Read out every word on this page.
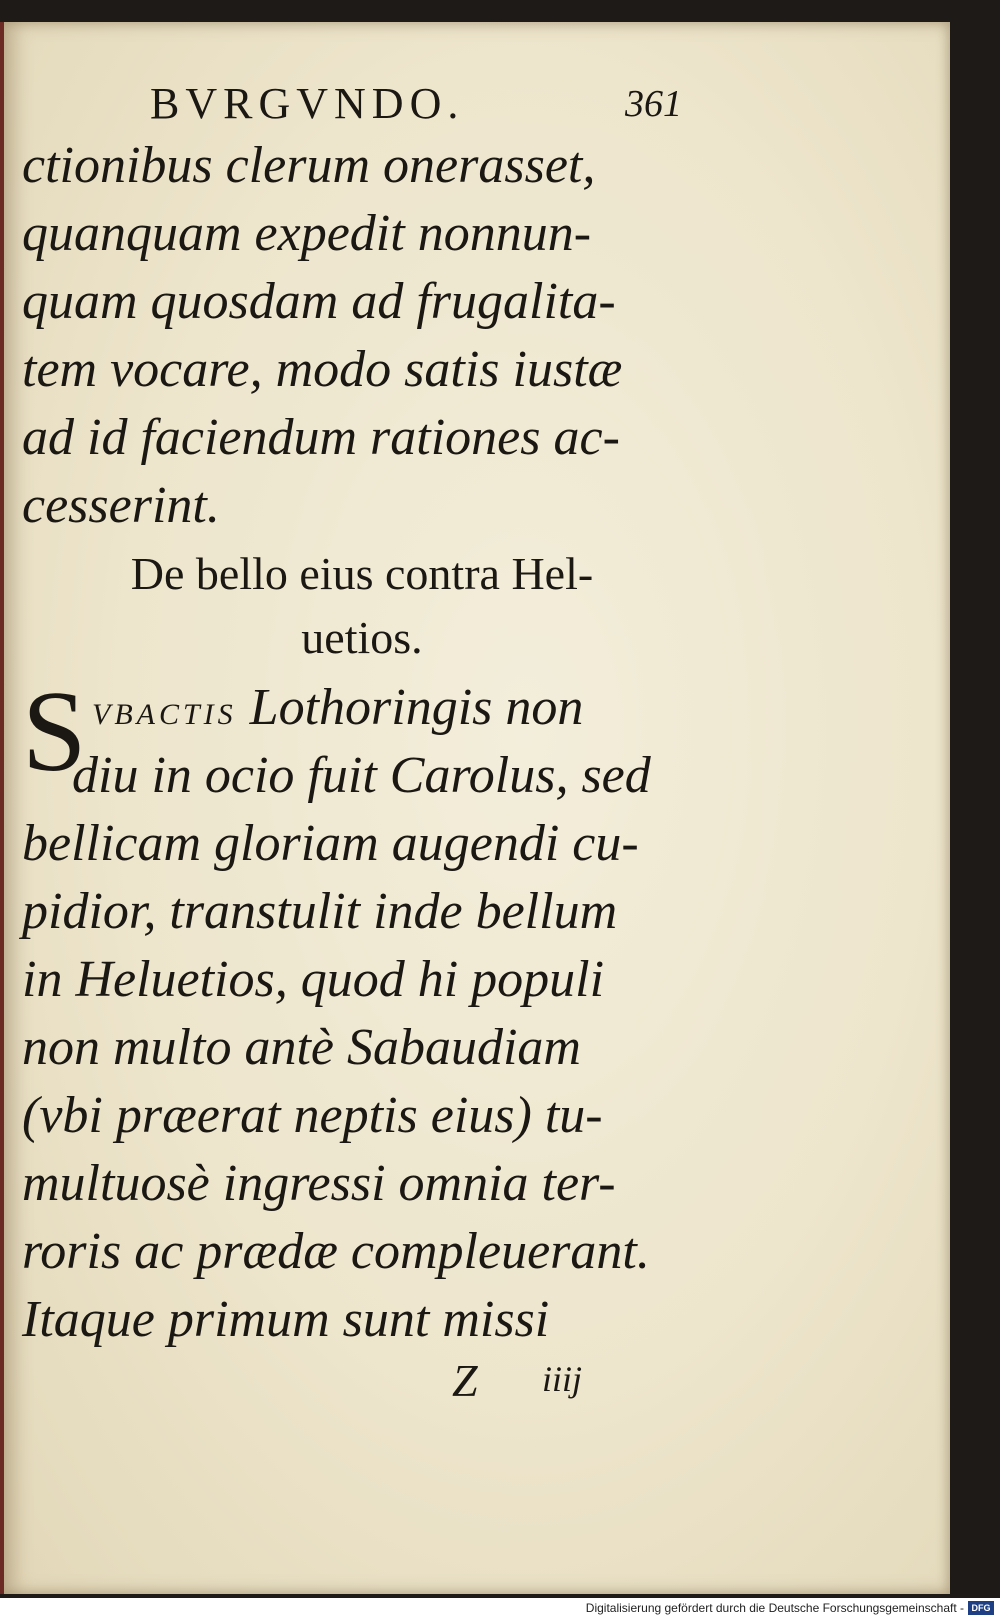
BVRGVNDO.	361
ctionibus clerum onerasset,
quanquam expedit nonnun-
quam quosdam ad frugalita-
tem vocare, modo satis iustæ
ad id faciendum rationes ac-
cesserint.
De bello eius contra Hel-
uetios.
S VBACTIS Lothoringis non
diu in ocio fuit Carolus, sed
bellicam gloriam augendi cu-
pidior, transtulit inde bellum
in Heluetios, quod hi populi
non multo antè Sabaudiam
(vbi præerat neptis eius) tu-
multuosè ingressi omnia ter-
roris ac prædæ compleuerant.
Itaque primum sunt missi
Z iiij
Digitalisierung gefördert durch die Deutsche Forschungsgemeinschaft - DFG
